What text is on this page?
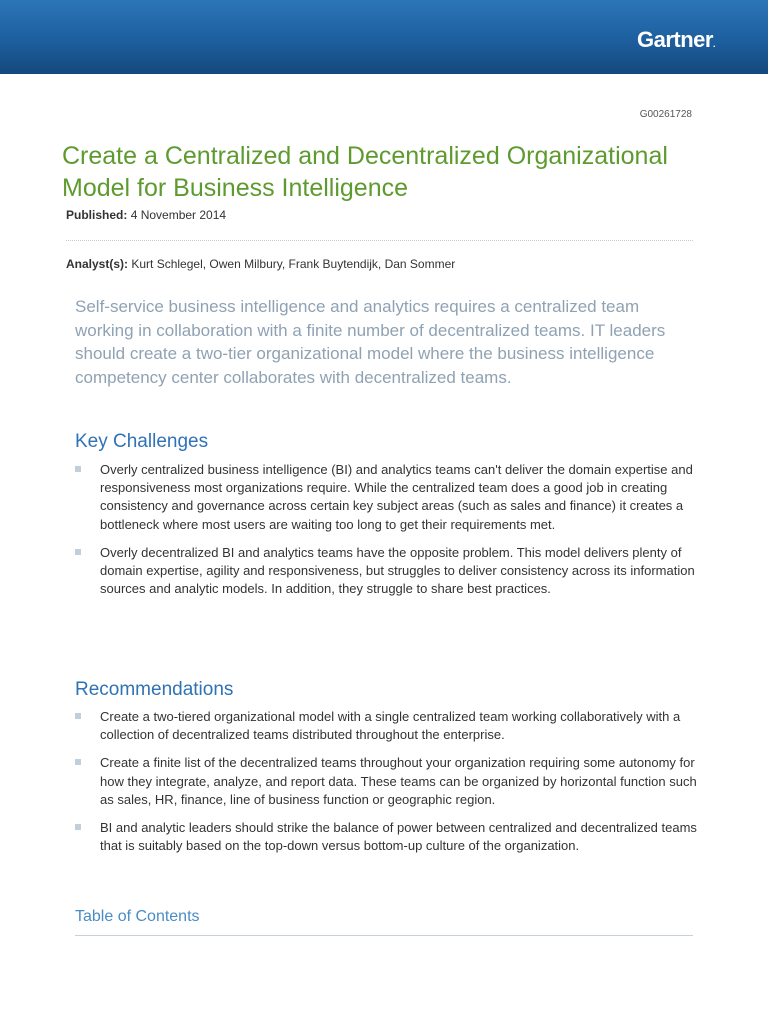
Gartner.
G00261728
Create a Centralized and Decentralized Organizational Model for Business Intelligence
Published: 4 November 2014
Analyst(s): Kurt Schlegel, Owen Milbury, Frank Buytendijk, Dan Sommer

Self-service business intelligence and analytics requires a centralized team working in collaboration with a finite number of decentralized teams. IT leaders should create a two-tier organizational model where the business intelligence competency center collaborates with decentralized teams.

Key Challenges
Overly centralized business intelligence (BI) and analytics teams can't deliver the domain expertise and responsiveness most organizations require. While the centralized team does a good job in creating consistency and governance across certain key subject areas (such as sales and finance) it creates a bottleneck where most users are waiting too long to get their requirements met.
Overly decentralized BI and analytics teams have the opposite problem. This model delivers plenty of domain expertise, agility and responsiveness, but struggles to deliver consistency across its information sources and analytic models. In addition, they struggle to share best practices.
Recommendations
Create a two-tiered organizational model with a single centralized team working collaboratively with a collection of decentralized teams distributed throughout the enterprise.
Create a finite list of the decentralized teams throughout your organization requiring some autonomy for how they integrate, analyze, and report data. These teams can be organized by horizontal function such as sales, HR, finance, line of business function or geographic region.
BI and analytic leaders should strike the balance of power between centralized and decentralized teams that is suitably based on the top-down versus bottom-up culture of the organization.
Table of Contents
